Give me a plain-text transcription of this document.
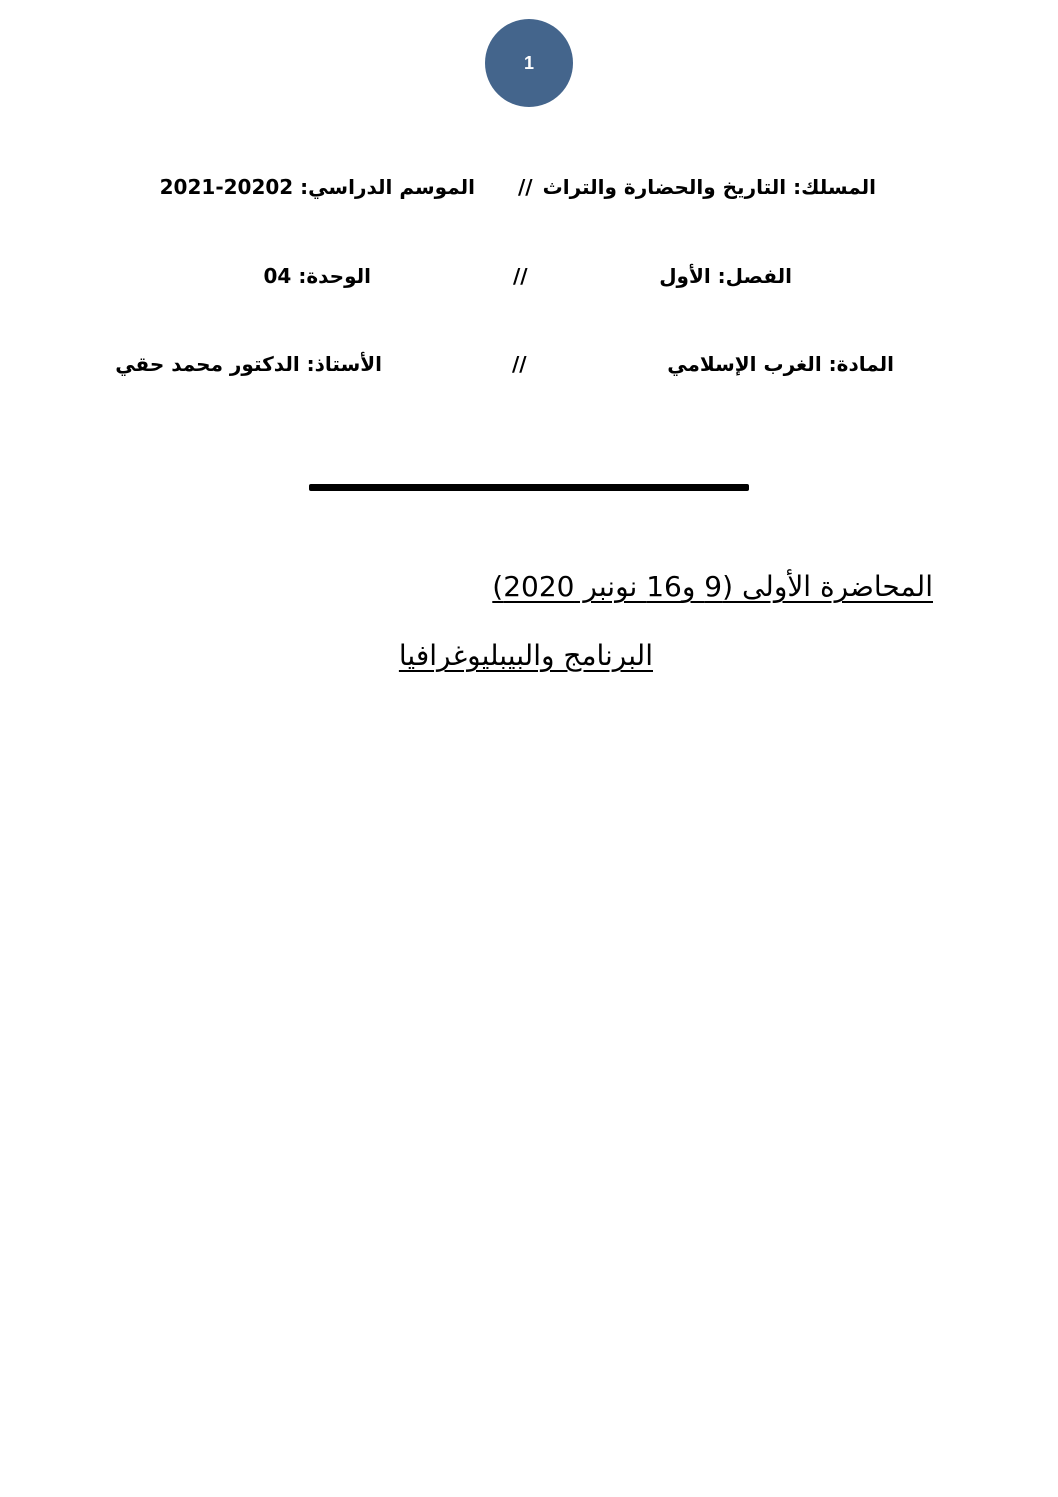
1
المسلك: التاريخ والحضارة والتراث
//
الموسم الدراسي: 20202-2021
الفصل: الأول
//
الوحدة: 04
المادة: الغرب الإسلامي
//
الأستاذ: الدكتور محمد حقي
المحاضرة الأولى (9 و16 نونبر 2020)
البرنامج والبيبليوغرافيا
